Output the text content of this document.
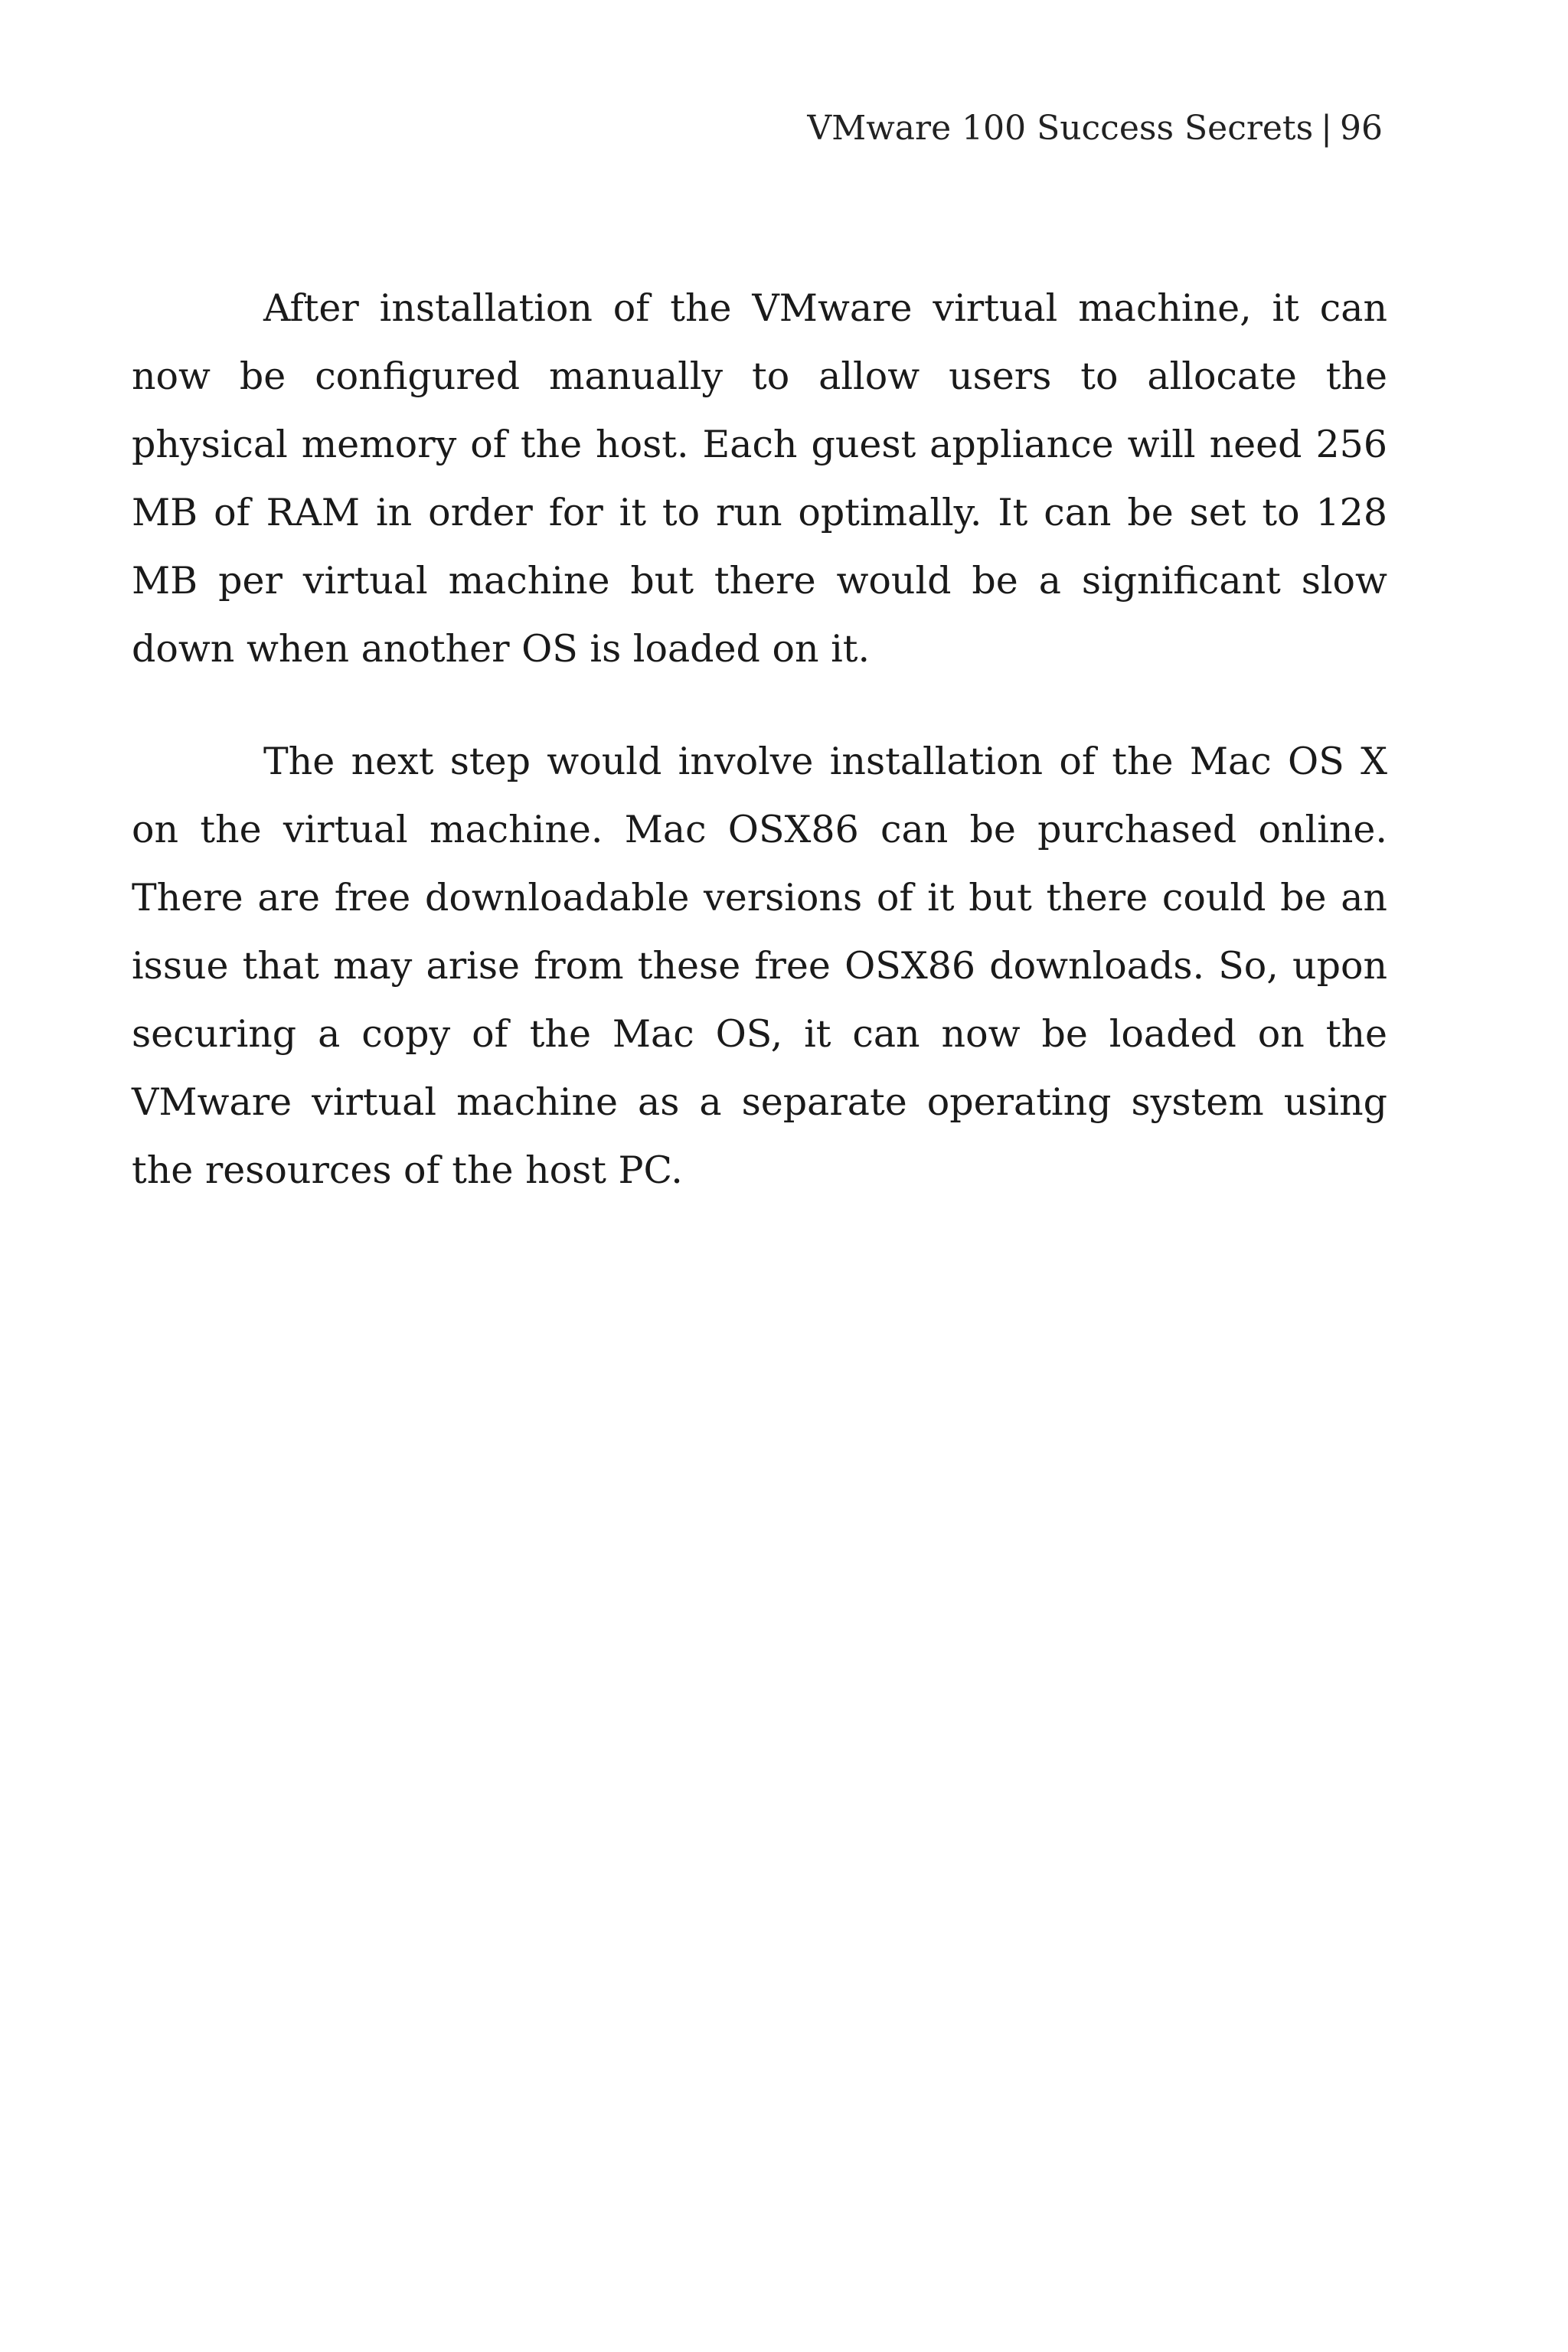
VMware 100 Success Secrets | 96

After installation of the VMware virtual machine, it can now be configured manually to allow users to allocate the physical memory of the host. Each guest appliance will need 256 MB of RAM in order for it to run optimally. It can be set to 128 MB per virtual machine but there would be a significant slow down when another OS is loaded on it.

The next step would involve installation of the Mac OS X on the virtual machine. Mac OSX86 can be purchased online. There are free downloadable versions of it but there could be an issue that may arise from these free OSX86 downloads. So, upon securing a copy of the Mac OS, it can now be loaded on the VMware virtual machine as a separate operating system using the resources of the host PC.
